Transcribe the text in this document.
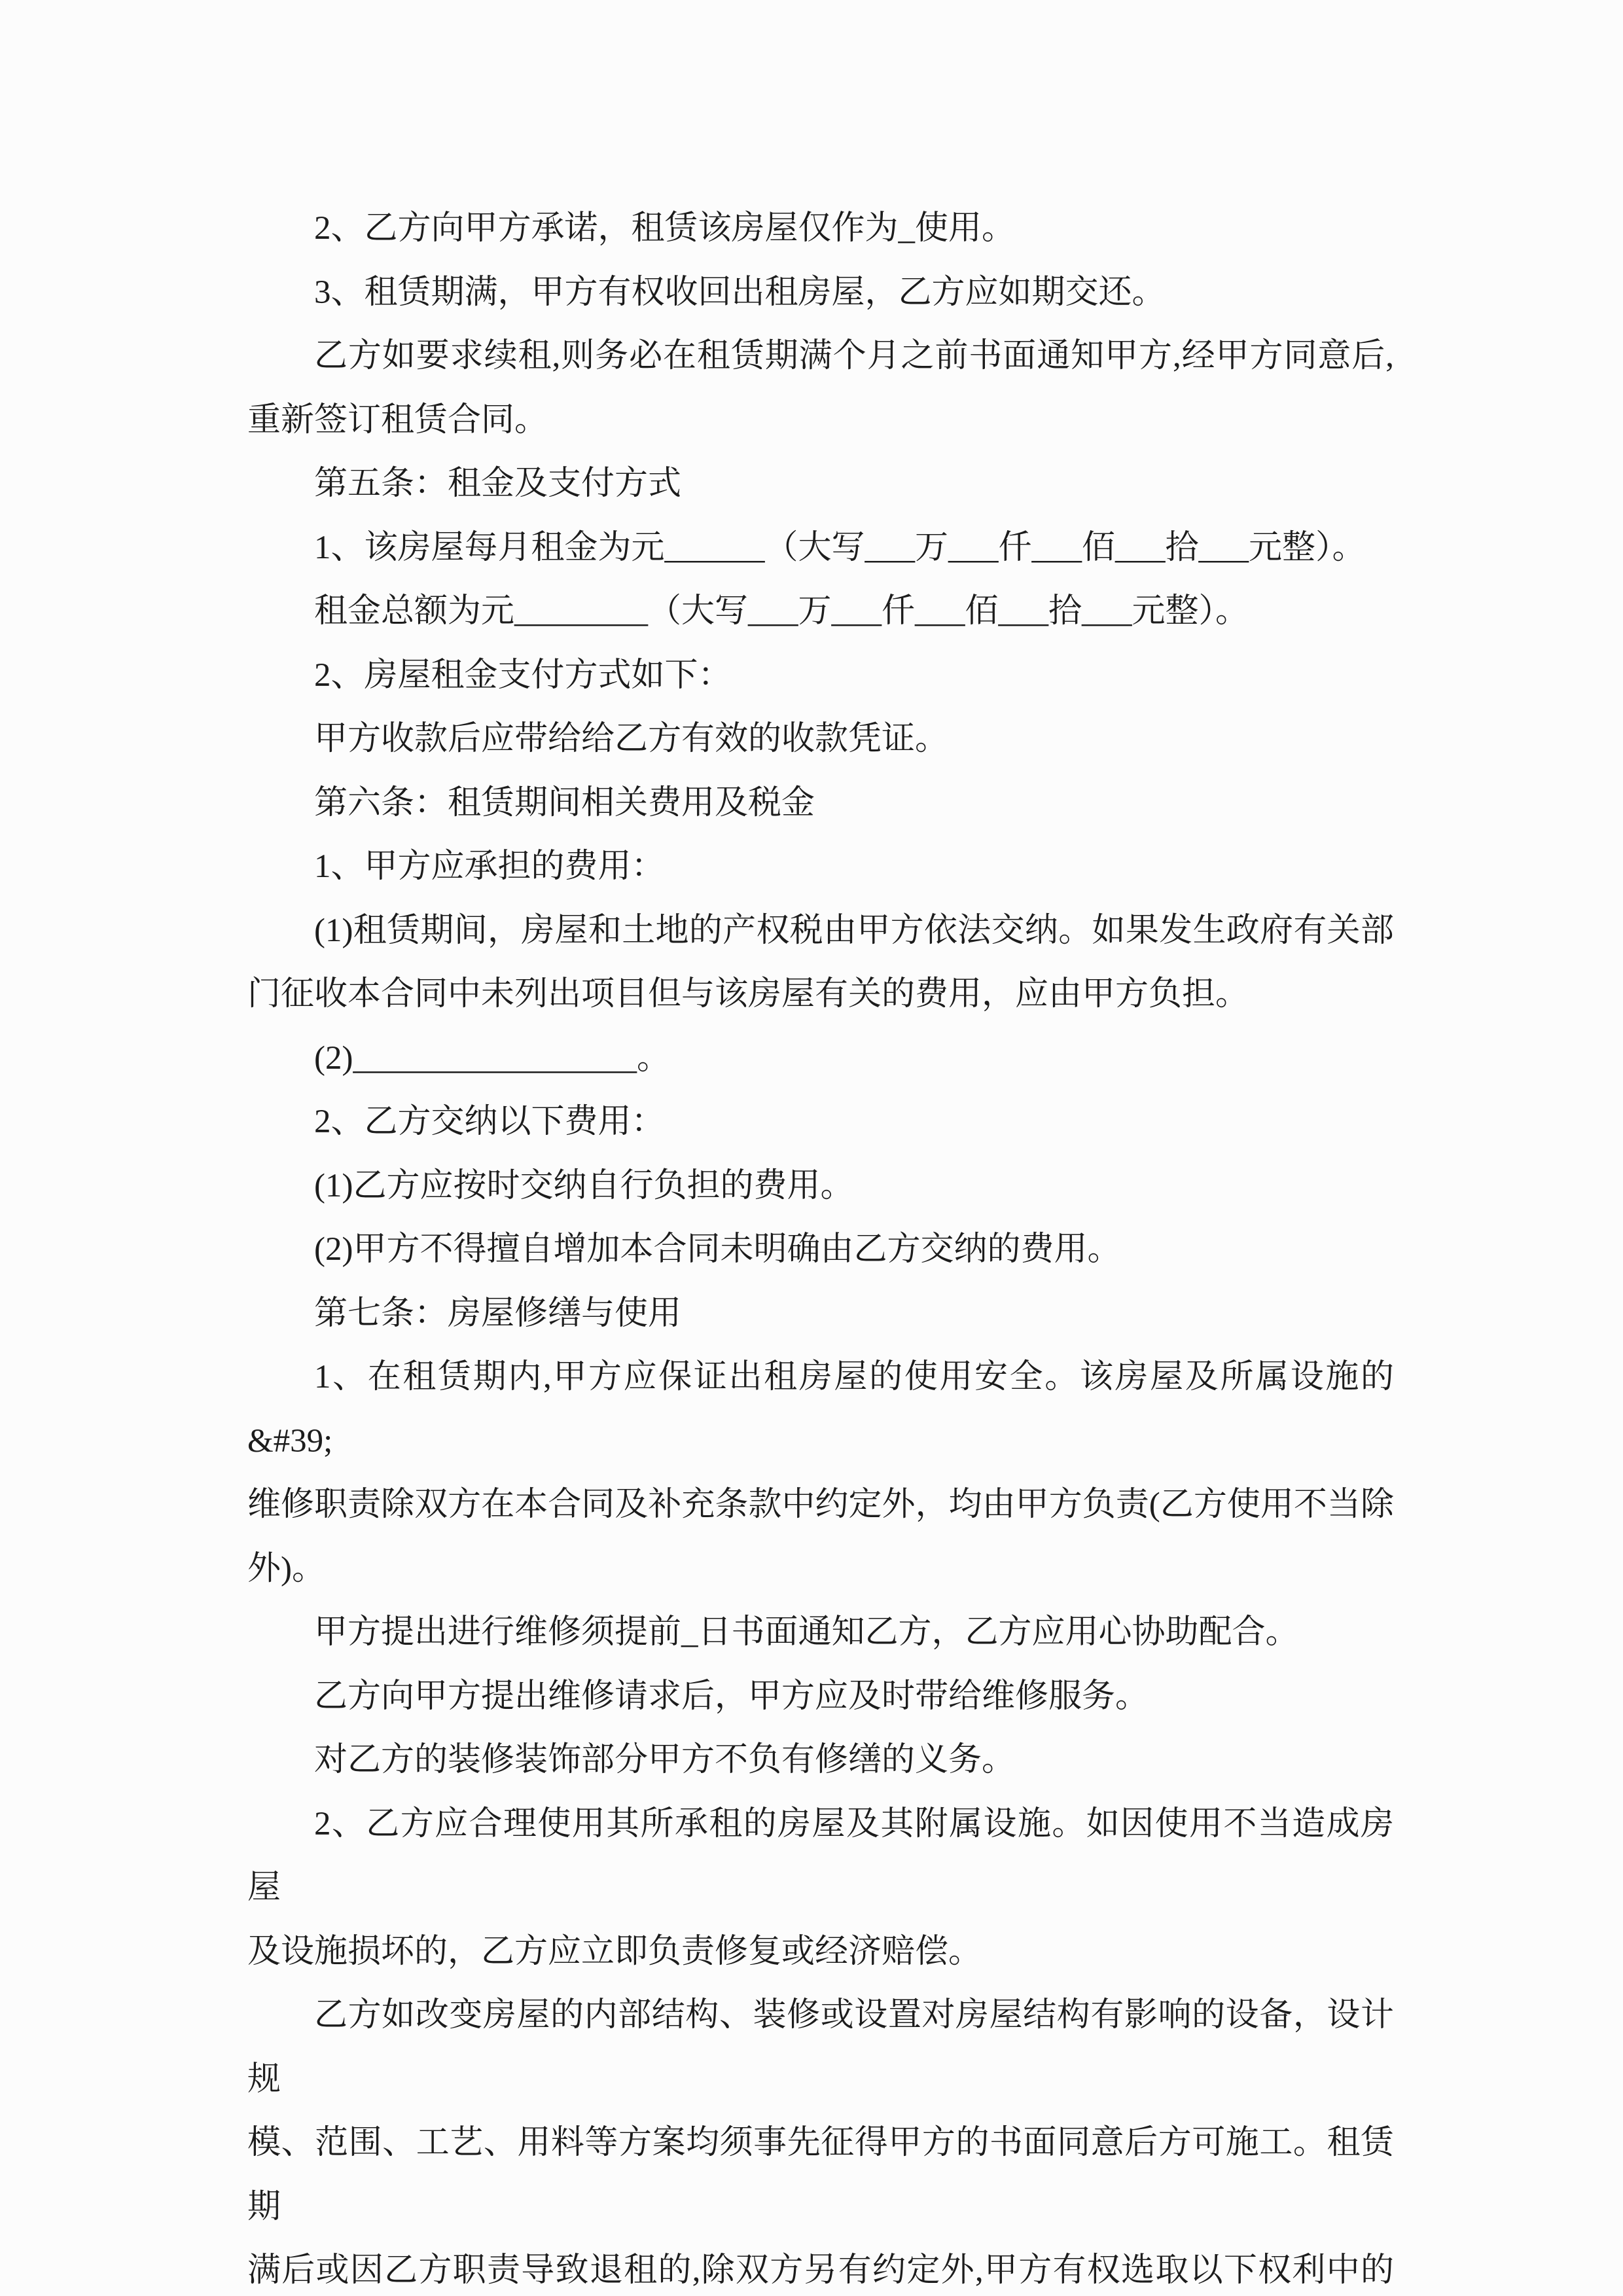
2、乙方向甲方承诺，租赁该房屋仅作为_使用。

3、租赁期满，甲方有权收回出租房屋，乙方应如期交还。

乙方如要求续租,则务必在租赁期满个月之前书面通知甲方,经甲方同意后,

重新签订租赁合同。

第五条：租金及支付方式

1、该房屋每月租金为元______（大写___万___仟___佰___拾___元整）。

租金总额为元________（大写___万___仟___佰___拾___元整）。

2、房屋租金支付方式如下：

甲方收款后应带给给乙方有效的收款凭证。

第六条：租赁期间相关费用及税金

1、甲方应承担的费用：

(1)租赁期间，房屋和土地的产权税由甲方依法交纳。如果发生政府有关部

门征收本合同中未列出项目但与该房屋有关的费用，应由甲方负担。

(2)_________________。

2、乙方交纳以下费用：

(1)乙方应按时交纳自行负担的费用。

(2)甲方不得擅自增加本合同未明确由乙方交纳的费用。

第七条：房屋修缮与使用

1、在租赁期内,甲方应保证出租房屋的使用安全。该房屋及所属设施的&#39;

维修职责除双方在本合同及补充条款中约定外，均由甲方负责(乙方使用不当除

外)。

甲方提出进行维修须提前_日书面通知乙方，乙方应用心协助配合。

乙方向甲方提出维修请求后，甲方应及时带给维修服务。

对乙方的装修装饰部分甲方不负有修缮的义务。

2、乙方应合理使用其所承租的房屋及其附属设施。如因使用不当造成房屋

及设施损坏的，乙方应立即负责修复或经济赔偿。

乙方如改变房屋的内部结构、装修或设置对房屋结构有影响的设备，设计规

模、范围、工艺、用料等方案均须事先征得甲方的书面同意后方可施工。租赁期

满后或因乙方职责导致退租的,除双方另有约定外,甲方有权选取以下权利中的
